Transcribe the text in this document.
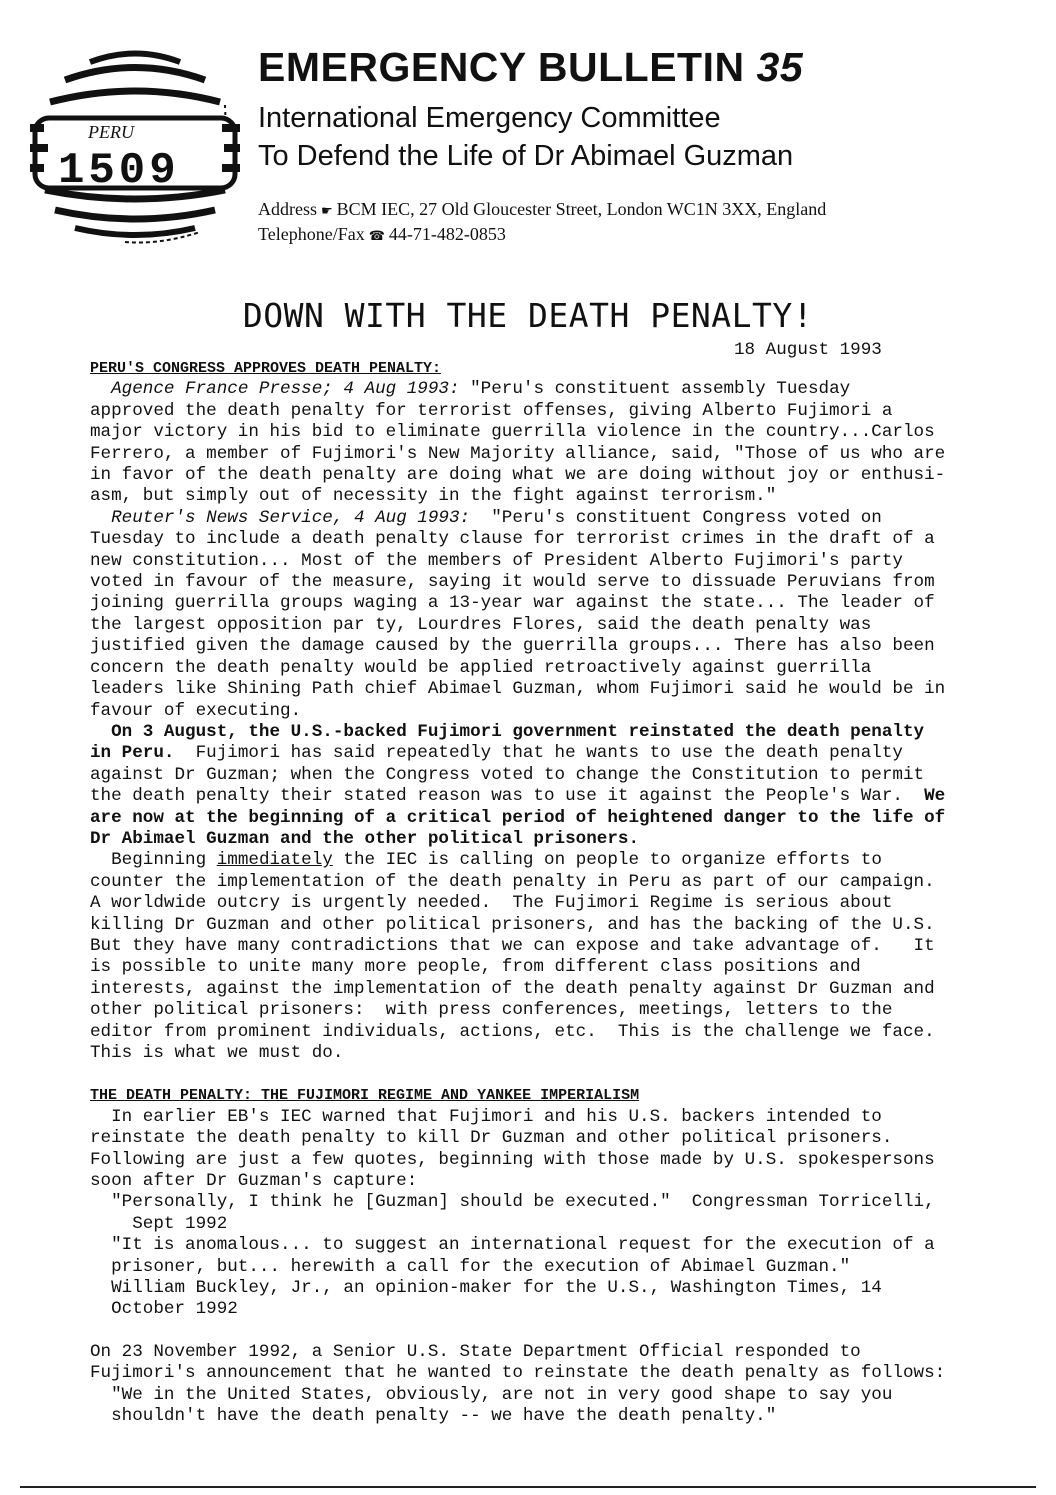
PERU
1509
EMERGENCY BULLETIN 35
International Emergency Committee
To Defend the Life of Dr Abimael Guzman
Address ☛ BCM IEC, 27 Old Gloucester Street, London WC1N 3XX, England
Telephone/Fax ☎ 44-71-482-0853
DOWN WITH THE DEATH PENALTY!
18 August 1993
PERU'S CONGRESS APPROVES DEATH PENALTY:
Agence France Presse; 4 Aug 1993: "Peru's constituent assembly Tuesday
approved the death penalty for terrorist offenses, giving Alberto Fujimori a
major victory in his bid to eliminate guerrilla violence in the country...Carlos
Ferrero, a member of Fujimori's New Majority alliance, said, "Those of us who are
in favor of the death penalty are doing what we are doing without joy or enthusi-
asm, but simply out of necessity in the fight against terrorism."
Reuter's News Service, 4 Aug 1993:  "Peru's constituent Congress voted on
Tuesday to include a death penalty clause for terrorist crimes in the draft of a
new constitution... Most of the members of President Alberto Fujimori's party
voted in favour of the measure, saying it would serve to dissuade Peruvians from
joining guerrilla groups waging a 13-year war against the state... The leader of
the largest opposition par ty, Lourdres Flores, said the death penalty was
justified given the damage caused by the guerrilla groups... There has also been
concern the death penalty would be applied retroactively against guerrilla
leaders like Shining Path chief Abimael Guzman, whom Fujimori said he would be in
favour of executing.
On 3 August, the U.S.-backed Fujimori government reinstated the death penalty
in Peru.  Fujimori has said repeatedly that he wants to use the death penalty
against Dr Guzman; when the Congress voted to change the Constitution to permit
the death penalty their stated reason was to use it against the People's War.  We
are now at the beginning of a critical period of heightened danger to the life of
Dr Abimael Guzman and the other political prisoners.
Beginning immediately the IEC is calling on people to organize efforts to
counter the implementation of the death penalty in Peru as part of our campaign.
A worldwide outcry is urgently needed.  The Fujimori Regime is serious about
killing Dr Guzman and other political prisoners, and has the backing of the U.S.
But they have many contradictions that we can expose and take advantage of.   It
is possible to unite many more people, from different class positions and
interests, against the implementation of the death penalty against Dr Guzman and
other political prisoners:  with press conferences, meetings, letters to the
editor from prominent individuals, actions, etc.  This is the challenge we face.
This is what we must do.
THE DEATH PENALTY: THE FUJIMORI REGIME AND YANKEE IMPERIALISM
In earlier EB's IEC warned that Fujimori and his U.S. backers intended to
reinstate the death penalty to kill Dr Guzman and other political prisoners.
Following are just a few quotes, beginning with those made by U.S. spokespersons
soon after Dr Guzman's capture:
"Personally, I think he [Guzman] should be executed."  Congressman Torricelli,
Sept 1992
"It is anomalous... to suggest an international request for the execution of a
prisoner, but... herewith a call for the execution of Abimael Guzman."
William Buckley, Jr., an opinion-maker for the U.S., Washington Times, 14
October 1992
On 23 November 1992, a Senior U.S. State Department Official responded to
Fujimori's announcement that he wanted to reinstate the death penalty as follows:
"We in the United States, obviously, are not in very good shape to say you
shouldn't have the death penalty -- we have the death penalty."
